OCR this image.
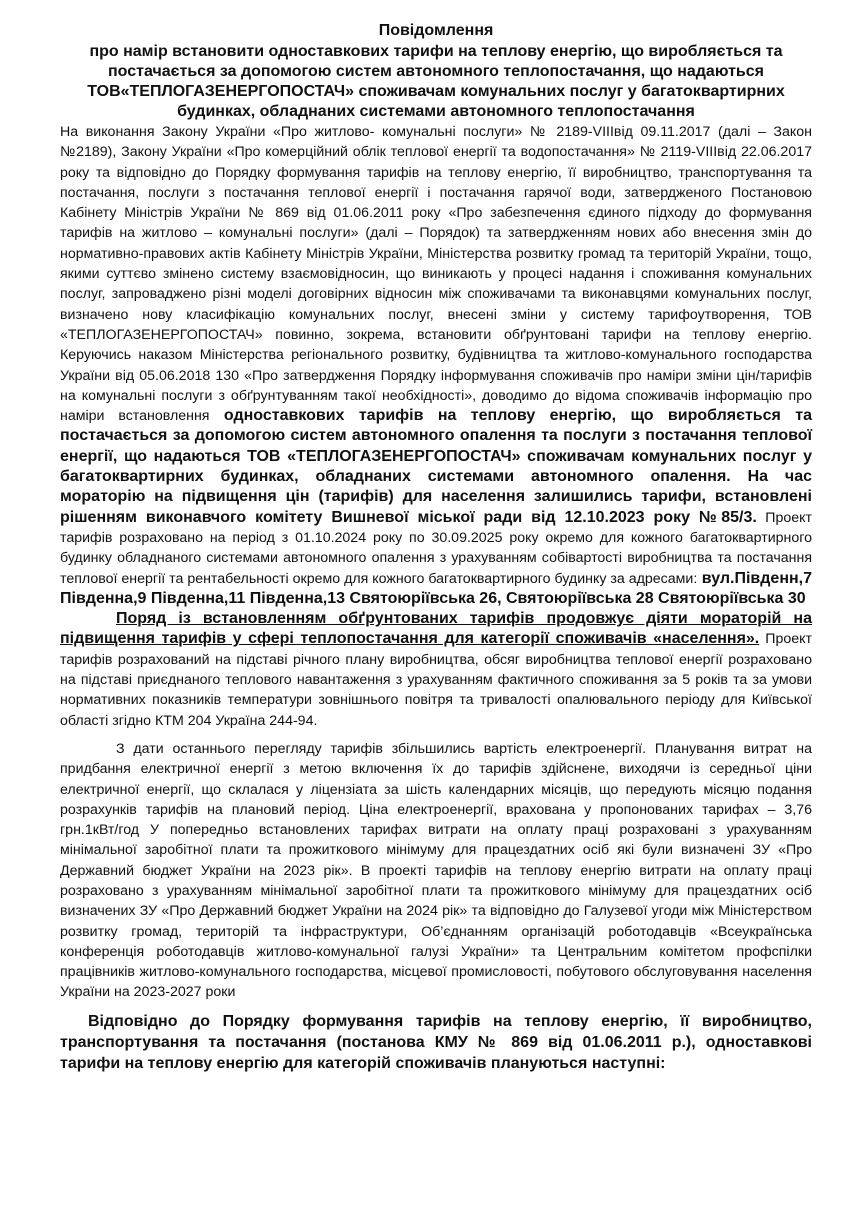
Повідомлення
про намір встановити одноставкових тарифи на теплову енергію, що виробляється та постачається за допомогою систем автономного теплопостачання, що надаються ТОВ«ТЕПЛОГАЗЕНЕРГОПОСТАЧ» споживачам комунальних послуг у багатоквартирних будинках, обладнаних системами автономного теплопостачання

На виконання Закону України «Про житлово- комунальні послуги» № 2189-VIIIвід 09.11.2017 (далі – Закон №2189), Закону України «Про комерційний облік теплової енергії та водопостачання» № 2119-VIIIвід 22.06.2017 року та відповідно до Порядку формування тарифів на теплову енергію, її виробництво, транспортування та постачання, послуги з постачання теплової енергії і постачання гарячої води, затвердженого Постановою Кабінету Міністрів України № 869 від 01.06.2011 року «Про забезпечення єдиного підходу до формування тарифів на житлово – комунальні послуги» (далі – Порядок) та затвердженням нових або внесення змін до нормативно-правових актів Кабінету Міністрів України, Міністерства розвитку громад та територій України, тощо, якими суттєво змінено систему взаємовідносин, що виникають у процесі надання і споживання комунальних послуг, запроваджено різні моделі договірних відносин між споживачами та виконавцями комунальних послуг, визначено нову класифікацію комунальних послуг, внесені зміни у систему тарифоутворення, ТОВ «ТЕПЛОГАЗЕНЕРГОПОСТАЧ» повинно, зокрема, встановити обґрунтовані тарифи на теплову енергію. Керуючись наказом Міністерства регіонального розвитку, будівництва та житлово-комунального господарства України від 05.06.2018 130 «Про затвердження Порядку інформування споживачів про наміри зміни цін/тарифів на комунальні послуги з обґрунтуванням такої необхідності», доводимо до відома споживачів інформацію про наміри встановлення одноставкових тарифів на теплову енергію, що виробляється та постачається за допомогою систем автономного опалення та послуги з постачання теплової енергії, що надаються ТОВ «ТЕПЛОГАЗЕНЕРГОПОСТАЧ» споживачам комунальних послуг у багатоквартирних будинках, обладнаних системами автономного опалення. На час мораторію на підвищення цін (тарифів) для населення залишились тарифи, встановлені рішенням виконавчого комітету Вишневої міської ради від 12.10.2023 року №85/3. Проект тарифів розраховано на період з 01.10.2024 року по 30.09.2025 року окремо для кожного багатоквартирного будинку обладнаного системами автономного опалення з урахуванням собівартості виробництва та постачання теплової енергії та рентабельності окремо для кожного багатоквартирного будинку за адресами: вул.Південн,7 Південна,9 Південна,11 Південна,13 Святоюріївська 26, Святоюріївська 28 Святоюріївська 30

Поряд із встановленням обґрунтованих тарифів продовжує діяти мораторій на підвищення тарифів у сфері теплопостачання для категорії споживачів «населення». Проект тарифів розрахований на підставі річного плану виробництва, обсяг виробництва теплової енергії розраховано на підставі приєднаного теплового навантаження з урахуванням фактичного споживання за 5 років та за умови нормативних показників температури зовнішнього повітря та тривалості опалювального періоду для Київської області згідно КТМ 204 Україна 244-94.

З дати останнього перегляду тарифів збільшились вартість електроенергії. Планування витрат на придбання електричної енергії з метою включення їх до тарифів здійснене, виходячи із середньої ціни електричної енергії, що склалася у ліцензіата за шість календарних місяців, що передують місяцю подання розрахунків тарифів на плановий період. Ціна електроенергії, врахована у пропонованих тарифах – 3,76 грн.1кВт/год У попередньо встановлених тарифах витрати на оплату праці розраховані з урахуванням мінімальної заробітної плати та прожиткового мінімуму для працездатних осіб які були визначені ЗУ «Про Державний бюджет України на 2023 рік». В проекті тарифів на теплову енергію витрати на оплату праці розраховано з урахуванням мінімальної заробітної плати та прожиткового мінімуму для працездатних осіб визначених ЗУ «Про Державний бюджет України на 2024 рік» та відповідно до Галузевої угоди між Міністерством розвитку громад, територій та інфраструктури, Об’єднанням організацій роботодавців «Всеукраїнська конференція роботодавців житлово-комунальної галузі України» та Центральним комітетом профспілки працівників житлово-комунального господарства, місцевої промисловості, побутового обслуговування населення України на 2023-2027 роки

Відповідно до Порядку формування тарифів на теплову енергію, її виробництво, транспортування та постачання (постанова КМУ № 869 від 01.06.2011 р.), одноставкові тарифи на теплову енергію для категорій споживачів плануються наступні:
